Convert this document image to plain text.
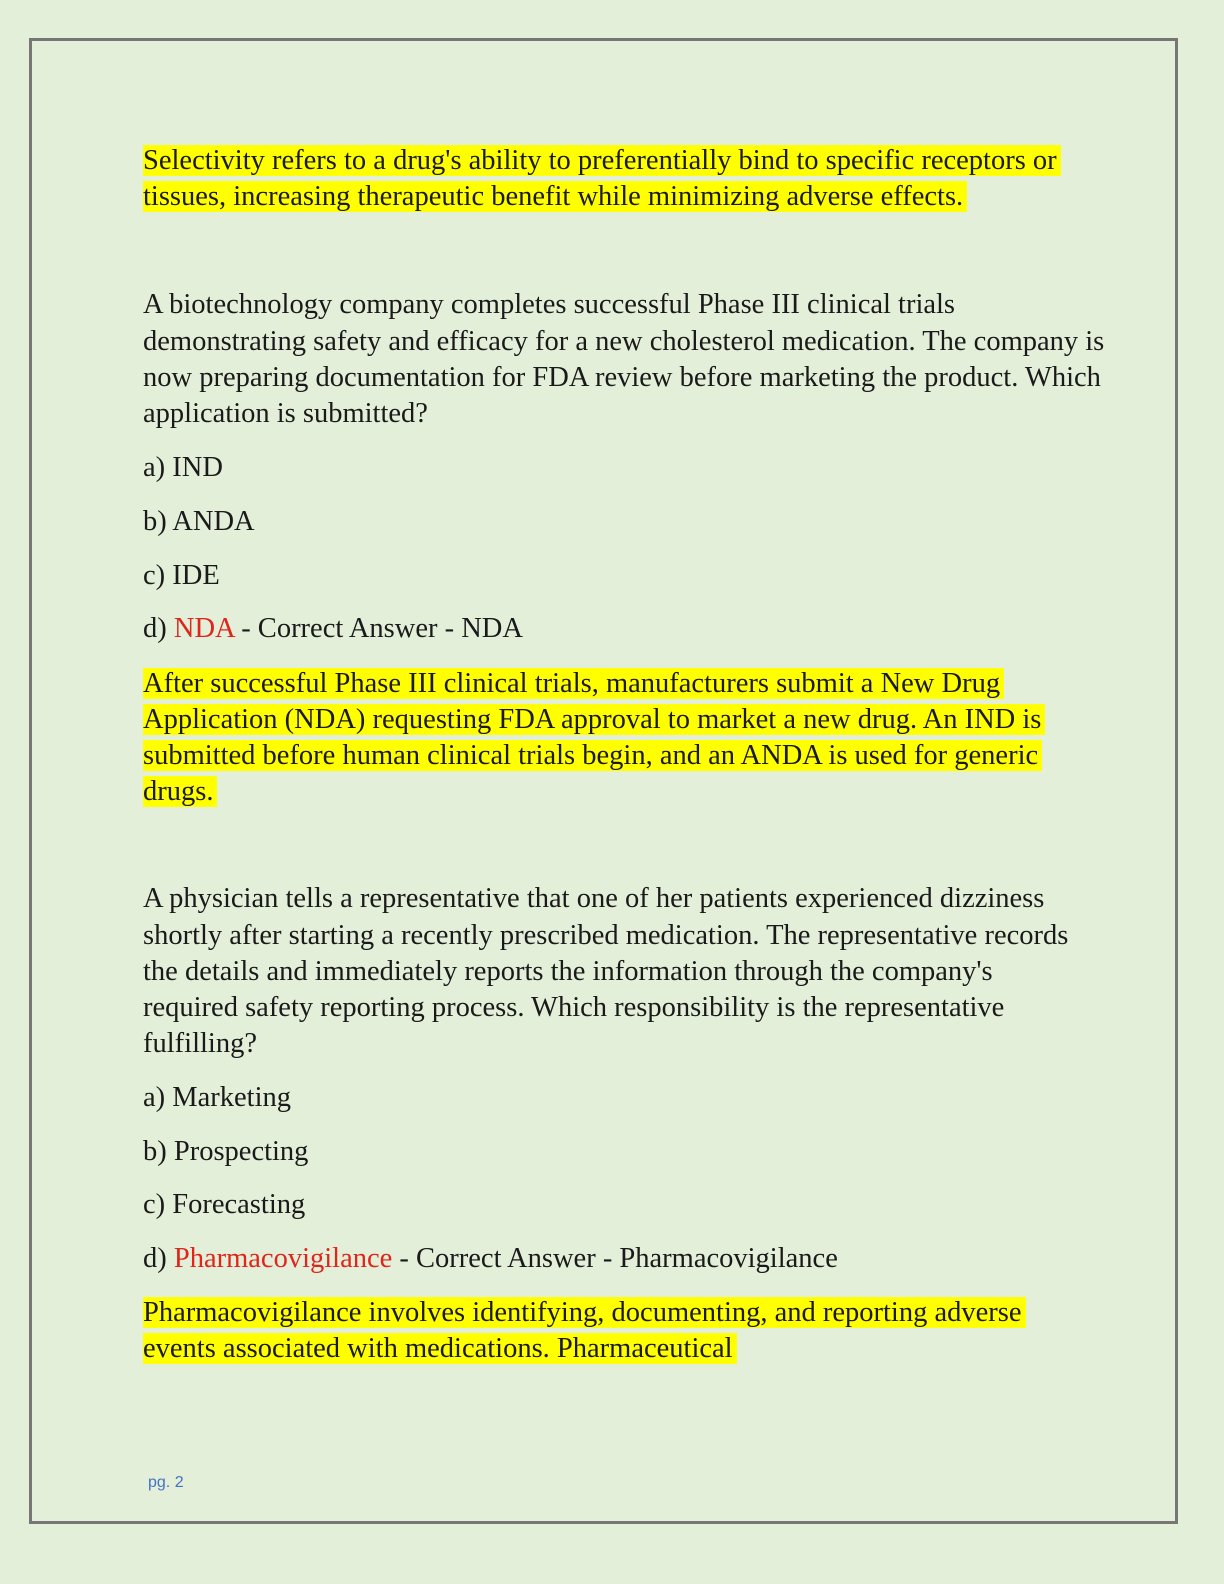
Selectivity refers to a drug's ability to preferentially bind to specific receptors or tissues, increasing therapeutic benefit while minimizing adverse effects.

A biotechnology company completes successful Phase III clinical trials demonstrating safety and efficacy for a new cholesterol medication. The company is now preparing documentation for FDA review before marketing the product. Which application is submitted?

a) IND

b) ANDA

c) IDE

d) NDA - Correct Answer - NDA

After successful Phase III clinical trials, manufacturers submit a New Drug Application (NDA) requesting FDA approval to market a new drug. An IND is submitted before human clinical trials begin, and an ANDA is used for generic drugs.

A physician tells a representative that one of her patients experienced dizziness shortly after starting a recently prescribed medication. The representative records the details and immediately reports the information through the company's required safety reporting process. Which responsibility is the representative fulfilling?

a) Marketing

b) Prospecting

c) Forecasting

d) Pharmacovigilance - Correct Answer - Pharmacovigilance

Pharmacovigilance involves identifying, documenting, and reporting adverse events associated with medications. Pharmaceutical

pg. 2
